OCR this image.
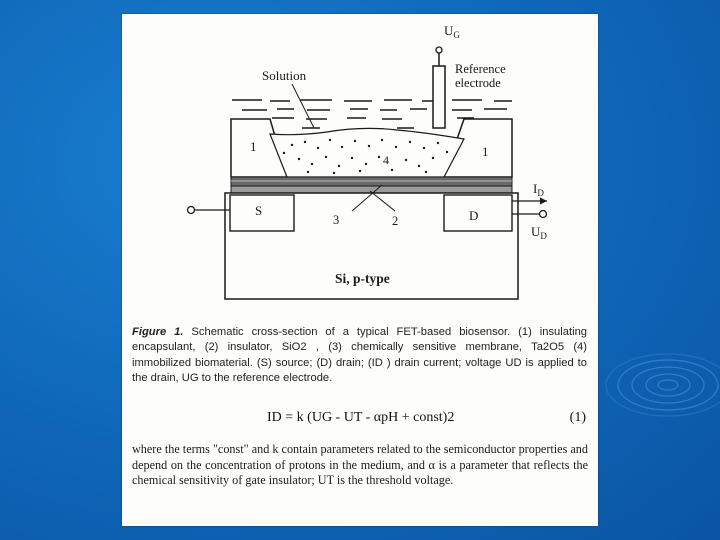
$U_G$
Solution	Reference
electrode
1	1
4
$I_D$
S
3	2	D
$U_D$
Si, p-type
Figure 1. Schematic cross-section of a typical FET-based biosensor. (1) insulating encapsulant, (2) insulator, SiO2 , (3) chemically sensitive membrane, Ta2O5 (4) immobilized biomaterial. (S) source; (D) drain; (ID ) drain current; voltage UD is applied to the drain, UG to the reference electrode.
ID = k (UG - UT - αpH + const)2	(1)
where the terms "const" and k contain parameters related to the semiconductor properties and depend on the concentration of protons in the medium, and α is a parameter that reflects the chemical sensitivity of gate insulator; UT is the threshold voltage.
